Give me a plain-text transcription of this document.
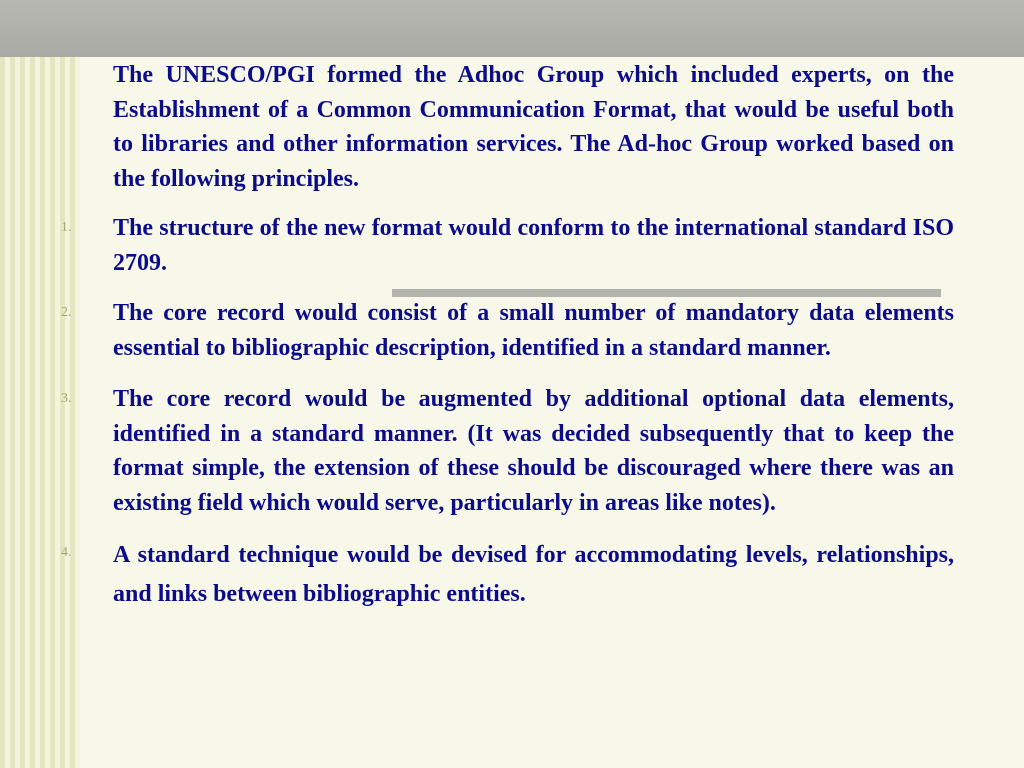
The UNESCO/PGI formed the Adhoc Group which included experts, on the Establishment of a Common Communication Format, that would be useful both to libraries and other information services. The Ad-hoc Group worked based on the following principles.

1. The structure of the new format would conform to the international standard ISO 2709.
2. The core record would consist of a small number of mandatory data elements essential to bibliographic description, identified in a standard manner.
3. The core record would be augmented by additional optional data elements, identified in a standard manner. (It was decided subsequently that to keep the format simple, the extension of these should be discouraged where there was an existing field which would serve, particularly in areas like notes).
4. A standard technique would be devised for accommodating levels, relationships, and links between bibliographic entities.
